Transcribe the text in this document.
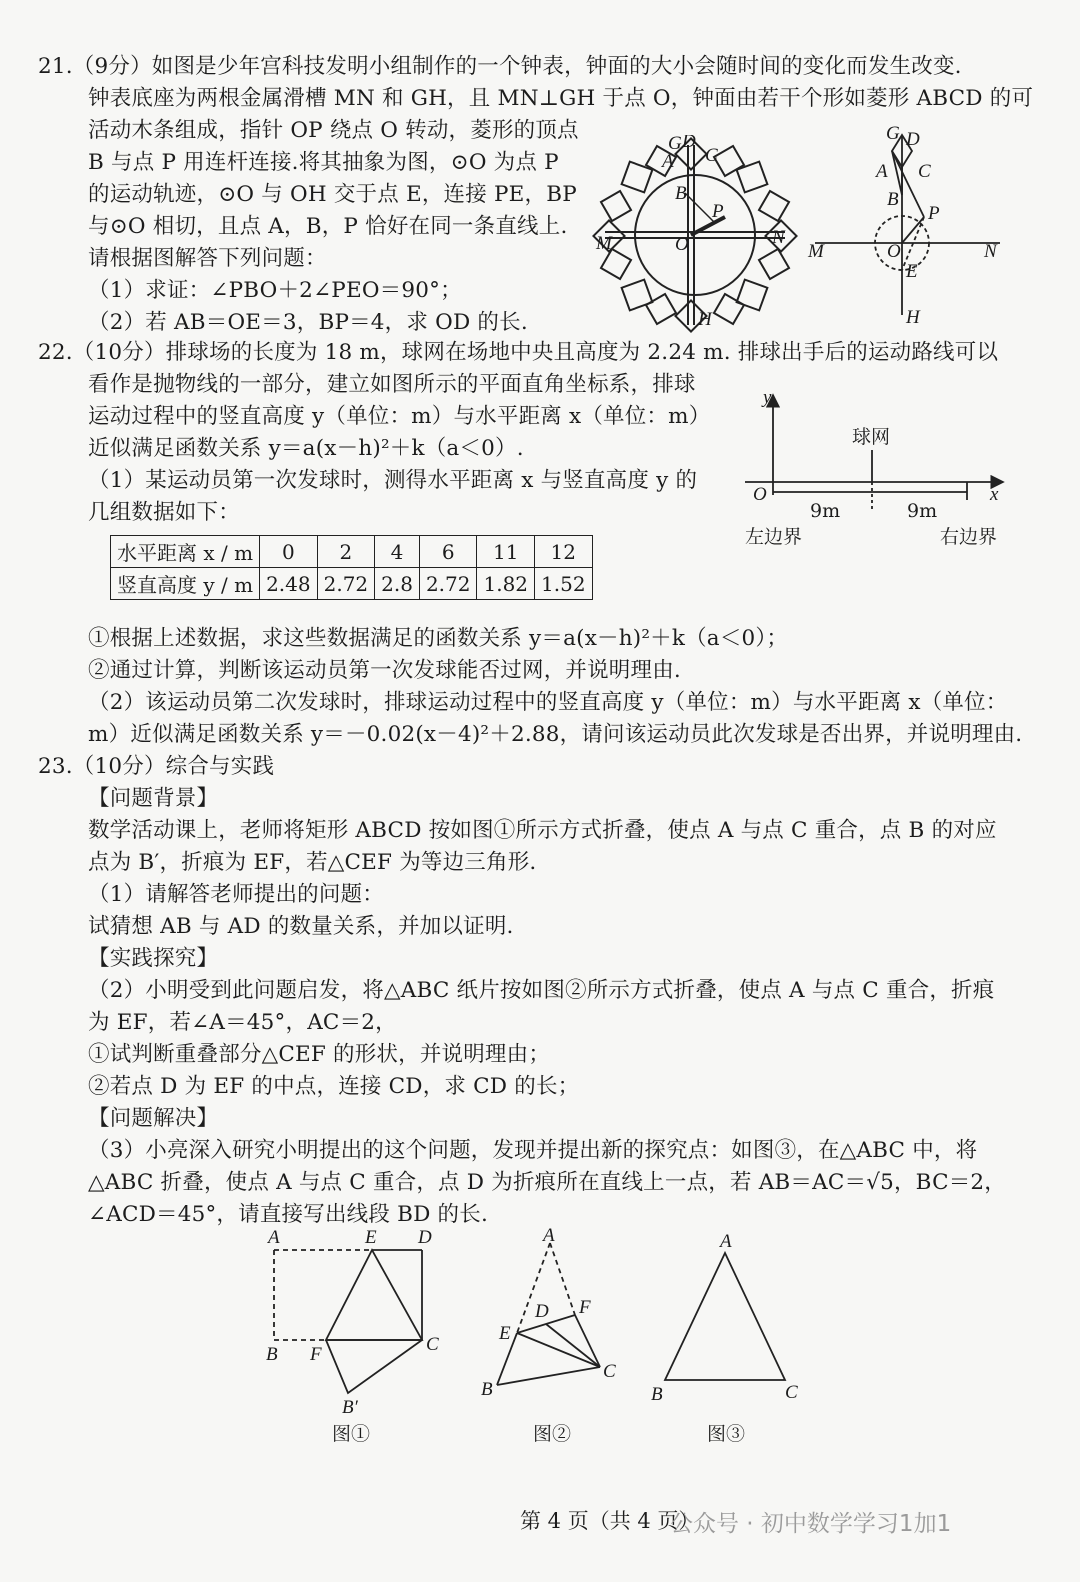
21.（9分）如图是少年宫科技发明小组制作的一个钟表，钟面的大小会随时间的变化而发生改变.
钟表底座为两根金属滑槽 MN 和 GH，且 MN⊥GH 于点 O，钟面由若干个形如菱形 ABCD 的可
活动木条组成，指针 OP 绕点 O 转动，菱形的顶点
B 与点 P 用连杆连接.将其抽象为图，⊙O 为点 P
的运动轨迹，⊙O 与 OH 交于点 E，连接 PE，BP
与⊙O 相切，且点 A，B，P 恰好在同一条直线上.
请根据图解答下列问题：
（1）求证：∠PBO＋2∠PEO＝90°；
（2）若 AB＝OE＝3，BP＝4，求 OD 的长.
G D
C
A
B
P
O
M	N
H
G D
A C
B
P
O
M	N
E
H
22.（10分）排球场的长度为 18 m，球网在场地中央且高度为 2.24 m. 排球出手后的运动路线可以
看作是抛物线的一部分，建立如图所示的平面直角坐标系，排球
运动过程中的竖直高度 y（单位：m）与水平距离 x（单位：m）
近似满足函数关系 y＝a(x－h)²＋k（a＜0）.
（1）某运动员第一次发球时，测得水平距离 x 与竖直高度 y 的
几组数据如下：
水平距离 x / m	0	2	4	6	11	12
竖直高度 y / m	2.48	2.72	2.8	2.72	1.82	1.52
y
x
O
球网
9m	9m
左边界	右边界
①根据上述数据，求这些数据满足的函数关系 y＝a(x－h)²＋k（a＜0）；
②通过计算，判断该运动员第一次发球能否过网，并说明理由.
（2）该运动员第二次发球时，排球运动过程中的竖直高度 y（单位：m）与水平距离 x（单位：
m）近似满足函数关系 y＝－0.02(x－4)²＋2.88，请问该运动员此次发球是否出界，并说明理由.
23.（10分）综合与实践
【问题背景】
数学活动课上，老师将矩形 ABCD 按如图①所示方式折叠，使点 A 与点 C 重合，点 B 的对应
点为 B′，折痕为 EF，若△CEF 为等边三角形.
（1）请解答老师提出的问题：
试猜想 AB 与 AD 的数量关系，并加以证明.
【实践探究】
（2）小明受到此问题启发，将△ABC 纸片按如图②所示方式折叠，使点 A 与点 C 重合，折痕
为 EF，若∠A＝45°，AC＝2，
①试判断重叠部分△CEF 的形状，并说明理由；
②若点 D 为 EF 的中点，连接 CD，求 CD 的长；
【问题解决】
（3）小亮深入研究小明提出的这个问题，发现并提出新的探究点：如图③，在△ABC 中，将
△ABC 折叠，使点 A 与点 C 重合，点 D 为折痕所在直线上一点，若 AB＝AC＝√5，BC＝2，
∠ACD＝45°，请直接写出线段 BD 的长.
A	E D
B F	C
B′
图①
A
D F
E
B
C
图②
A
B	C
图③
第 4 页（共 4 页）
公众号 · 初中数学学习1加1
